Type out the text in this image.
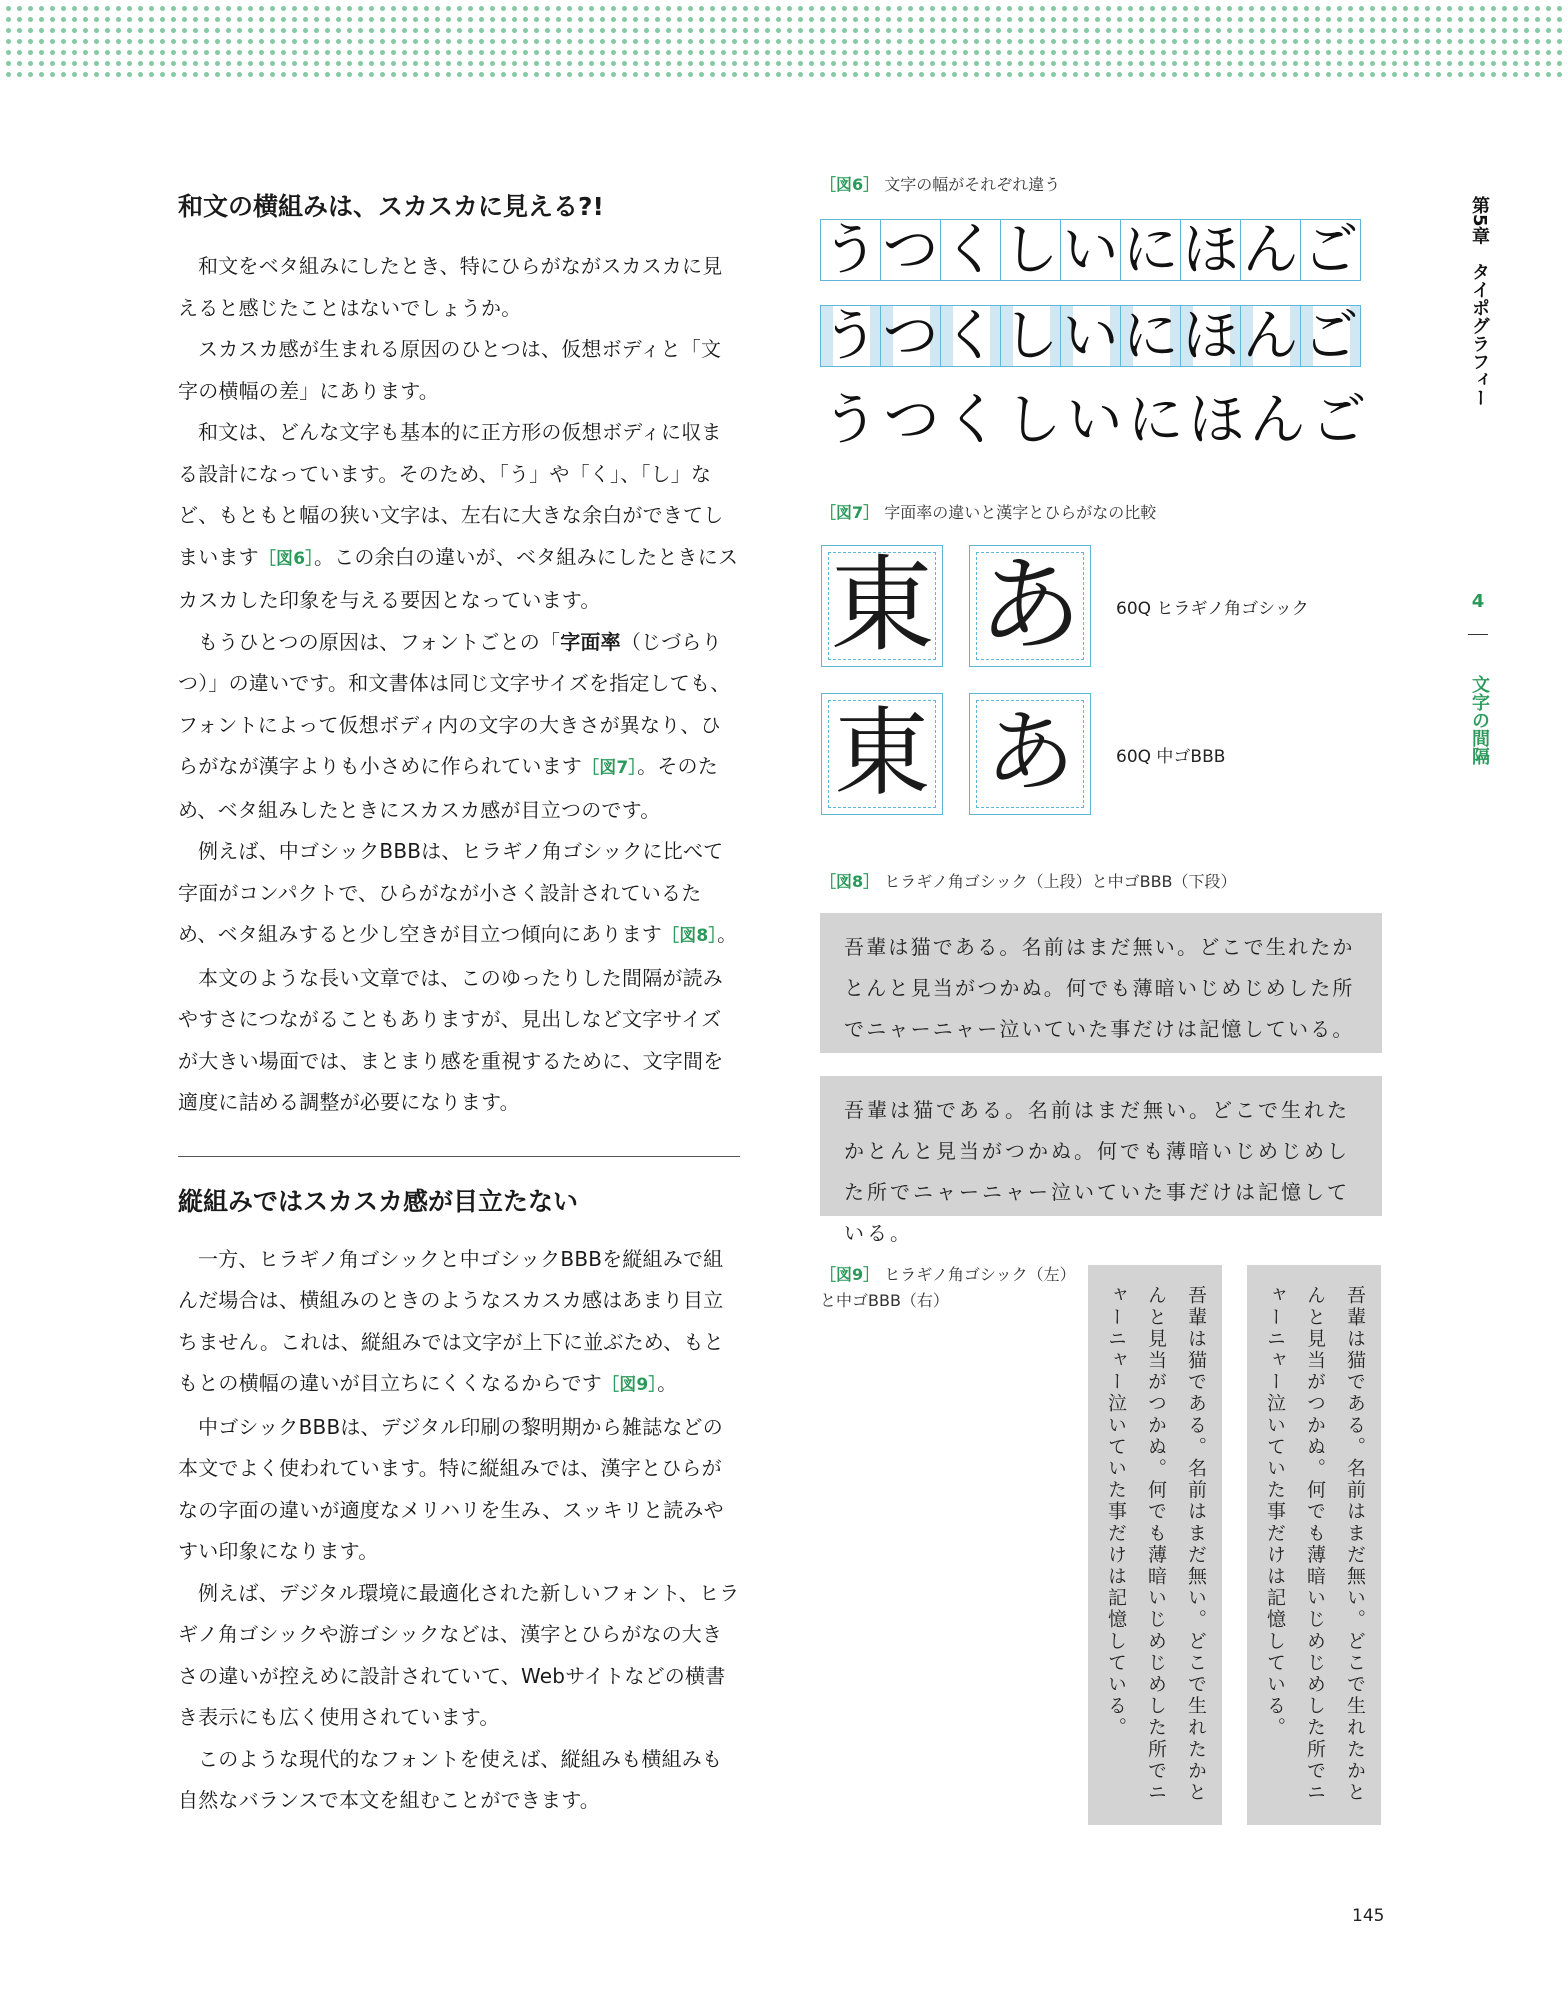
和文の横組みは、スカスカに見える?!

和文をベタ組みにしたとき、特にひらがながスカスカに見えると感じたことはないでしょうか。

スカスカ感が生まれる原因のひとつは、仮想ボディと「文字の横幅の差」にあります。

和文は、どんな文字も基本的に正方形の仮想ボディに収まる設計になっています。そのため、「う」や「く」、「し」など、もともと幅の狭い文字は、左右に大きな余白ができてしまいます［図6］。この余白の違いが、ベタ組みにしたときにスカスカした印象を与える要因となっています。

もうひとつの原因は、フォントごとの「字面率（じづらりつ）」の違いです。和文書体は同じ文字サイズを指定しても、フォントによって仮想ボディ内の文字の大きさが異なり、ひらがなが漢字よりも小さめに作られています［図7］。そのため、ベタ組みしたときにスカスカ感が目立つのです。

例えば、中ゴシックBBBは、ヒラギノ角ゴシックに比べて字面がコンパクトで、ひらがなが小さく設計されているため、ベタ組みすると少し空きが目立つ傾向にあります［図8］。

本文のような長い文章では、このゆったりした間隔が読みやすさにつながることもありますが、見出しなど文字サイズが大きい場面では、まとまり感を重視するために、文字間を適度に詰める調整が必要になります。

縦組みではスカスカ感が目立たない

一方、ヒラギノ角ゴシックと中ゴシックBBBを縦組みで組んだ場合は、横組みのときのようなスカスカ感はあまり目立ちません。これは、縦組みでは文字が上下に並ぶため、もともとの横幅の違いが目立ちにくくなるからです［図9］。

中ゴシックBBBは、デジタル印刷の黎明期から雑誌などの本文でよく使われています。特に縦組みでは、漢字とひらがなの字面の違いが適度なメリハリを生み、スッキリと読みやすい印象になります。

例えば、デジタル環境に最適化された新しいフォント、ヒラギノ角ゴシックや游ゴシックなどは、漢字とひらがなの大きさの違いが控えめに設計されていて、Webサイトなどの横書き表示にも広く使用されています。

このような現代的なフォントを使えば、縦組みも横組みも自然なバランスで本文を組むことができます。

［図6］ 文字の幅がそれぞれ違う
う つ く し い に ほ ん ご
う つ く し い に ほ ん ご
う つ く し い に ほ ん ご
［図7］ 字面率の違いと漢字とひらがなの比較
東 あ	60Q ヒラギノ角ゴシック
東 あ	60Q 中ゴBBB
［図8］ ヒラギノ角ゴシック（上段）と中ゴBBB（下段）
吾輩は猫である。名前はまだ無い。どこで生れたかとんと見当がつかぬ。何でも薄暗いじめじめした所でニャーニャー泣いていた事だけは記憶している。
吾輩は猫である。名前はまだ無い。どこで生れたかとんと見当がつかぬ。何でも薄暗いじめじめした所でニャーニャー泣いていた事だけは記憶している。
［図9］ ヒラギノ角ゴシック（左）
と中ゴBBB（右）	吾輩は猫である。名前はまだ無い。どこで生れたかとんと見当がつかぬ。何でも薄暗いじめじめした所でニャーニャー泣いていた事だけは記憶している。	吾輩は猫である。名前はまだ無い。どこで生れたかとんと見当がつかぬ。何でも薄暗いじめじめした所でニャーニャー泣いていた事だけは記憶している。
第5章　タイポグラフィー
4
文字の間隔
145
